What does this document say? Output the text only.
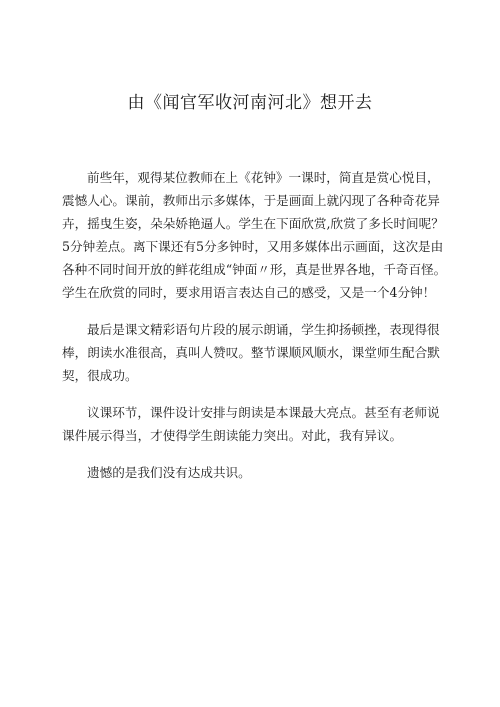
由《闻官军收河南河北》想开去

前些年，观得某位教师在上《花钟》一课时，简直是赏心悦目，
震憾人心。课前，教师出示多媒体，于是画面上就闪现了各种奇花异
卉，摇曳生姿，朵朵娇艳逼人。学生在下面欣赏,欣赏了多长时间呢？
5分钟差点。离下课还有5分多钟时，又用多媒体出示画面，这次是由
各种不同时间开放的鲜花组成“钟面〃形，真是世界各地，千奇百怪。
学生在欣赏的同时，要求用语言表达自己的感受，又是一个4分钟！

最后是课文精彩语句片段的展示朗诵，学生抑扬顿挫，表现得很
棒，朗读水准很高，真叫人赞叹。整节课顺风顺水，课堂师生配合默
契，很成功。

议课环节，课件设计安排与朗读是本课最大亮点。甚至有老师说
课件展示得当，才使得学生朗读能力突出。对此，我有异议。

遗憾的是我们没有达成共识。
